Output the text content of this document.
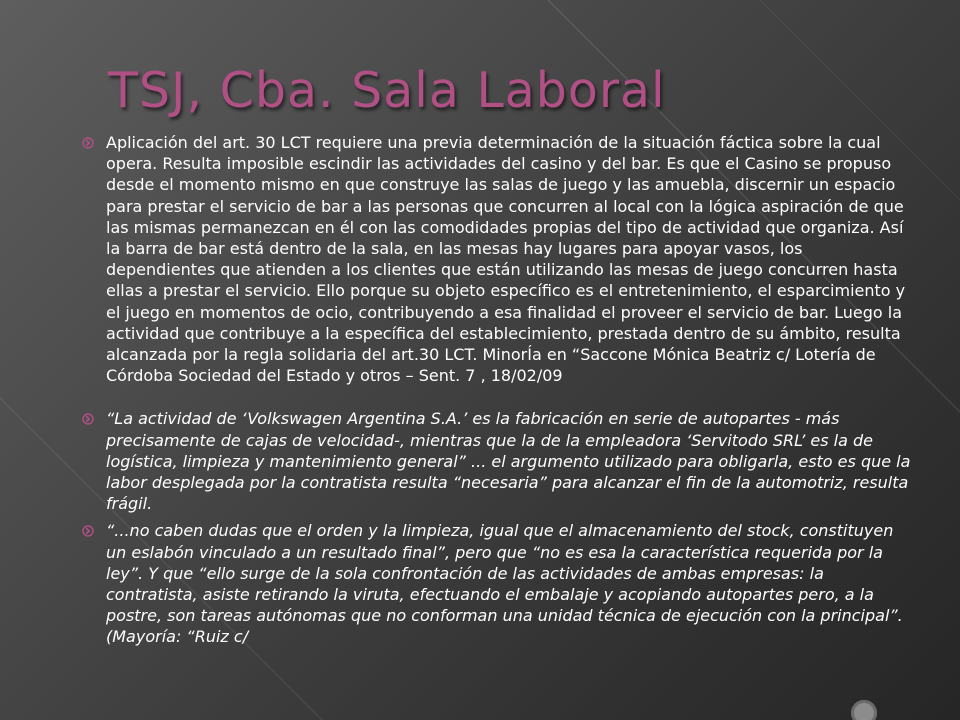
TSJ, Cba. Sala Laboral
Aplicación del art. 30 LCT requiere una previa determinación de la situación fáctica sobre la cual opera. Resulta imposible escindir las actividades del casino y del bar. Es que el Casino se propuso desde el momento mismo en que construye las salas de juego y las amuebla, discernir un espacio para prestar el servicio de bar a las personas que concurren al local con la lógica aspiración de que las mismas permanezcan en él con las comodidades propias del tipo de actividad que organiza. Así la barra de bar está dentro de la sala, en las mesas hay lugares para apoyar vasos, los dependientes que atienden a los clientes que están utilizando las mesas de juego concurren hasta ellas a prestar el servicio. Ello porque su objeto específico es el entretenimiento, el esparcimiento y el juego en momentos de ocio, contribuyendo a esa finalidad el proveer el servicio de bar. Luego la actividad que contribuye a la específica del establecimiento, prestada dentro de su ámbito, resulta alcanzada por la regla solidaria del art.30 LCT. MinorÍa en “Saccone Mónica Beatriz c/ Lotería de Córdoba Sociedad del Estado y otros – Sent. 7 , 18/02/09
“La actividad de ‘Volkswagen Argentina S.A.’ es la fabricación en serie de autopartes - más precisamente de cajas de velocidad-, mientras que la de la empleadora ‘Servitodo SRL’ es la de logística, limpieza y mantenimiento general” ... el argumento utilizado para obligarla, esto es que la labor desplegada por la contratista resulta “necesaria” para alcanzar el fin de la automotriz, resulta frágil.
“...no caben dudas que el orden y la limpieza, igual que el almacenamiento del stock, constituyen un eslabón vinculado a un resultado final”, pero que “no es esa la característica requerida por la ley”. Y que “ello surge de la sola confrontación de las actividades de ambas empresas: la contratista, asiste retirando la viruta, efectuando el embalaje y acopiando autopartes pero, a la postre, son tareas autónomas que no conforman una unidad técnica de ejecución con la principal”. (Mayoría: “Ruiz c/
